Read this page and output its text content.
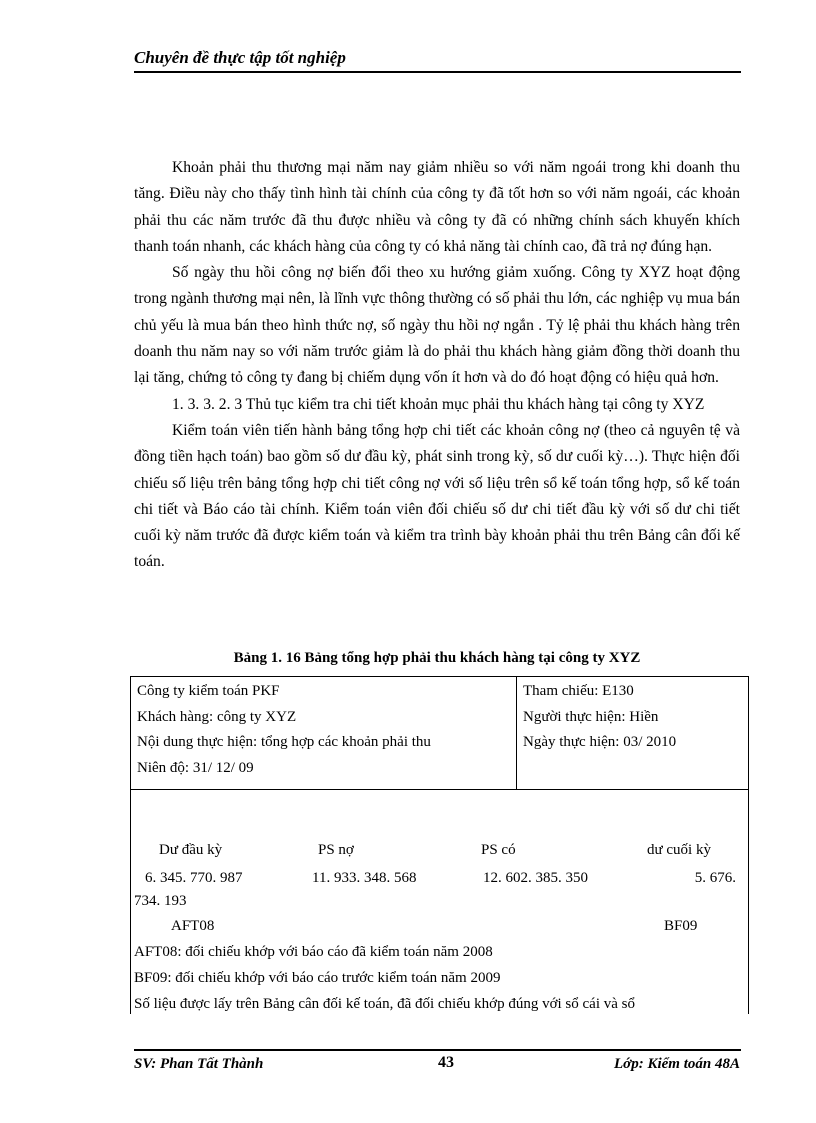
Chuyên đề thực tập tốt nghiệp

Khoản phải thu thương mại năm nay giảm nhiều so với năm ngoái trong khi doanh thu tăng. Điều này cho thấy tình hình tài chính của công ty đã tốt hơn so với năm ngoái, các khoản phải thu các năm trước đã thu được nhiều và công ty đã có những chính sách khuyến khích thanh toán nhanh, các khách hàng của công ty có khả năng tài chính cao, đã trả nợ đúng hạn.

Số ngày thu hồi công nợ biến đổi theo xu hướng giảm xuống. Công ty XYZ hoạt động trong ngành thương mại nên, là lĩnh vực thông thường có số phải thu lớn, các nghiệp vụ mua bán chủ yếu là mua bán theo hình thức nợ, số ngày thu hồi nợ ngắn . Tỷ lệ phải thu khách hàng trên doanh thu năm nay so với năm trước giảm là do phải thu khách hàng giảm đồng thời doanh thu lại tăng, chứng tỏ công ty đang bị chiếm dụng vốn ít hơn và do đó hoạt động có hiệu quả hơn.

1. 3. 3. 2. 3 Thủ tục kiểm tra chi tiết khoản mục phải thu khách hàng tại công ty XYZ

Kiểm toán viên tiến hành bảng tổng hợp chi tiết các khoản công nợ (theo cả nguyên tệ và đồng tiền hạch toán) bao gồm số dư đầu kỳ, phát sinh trong kỳ, số dư cuối kỳ…). Thực hiện đối chiếu số liệu trên bảng tổng hợp chi tiết công nợ với số liệu trên sổ kế toán tổng hợp, sổ kế toán chi tiết và Báo cáo tài chính. Kiểm toán viên đối chiếu số dư chi tiết đầu kỳ với số dư chi tiết cuối kỳ năm trước đã được kiểm toán và kiểm tra trình bày khoản phải thu trên Bảng cân đối kế toán.

Bảng 1. 16 Bảng tổng hợp phải thu khách hàng tại công ty XYZ
Công ty kiểm toán PKF
Khách hàng: công ty XYZ
Nội dung thực hiện: tổng hợp các khoản phải thu
Niên độ: 31/ 12/ 09
Tham chiếu: E130
Người thực hiện: Hiền
Ngày thực hiện: 03/ 2010
Dư đầu kỳ	PS nợ	PS có	dư cuối kỳ
6. 345. 770. 987	11. 933. 348. 568	12. 602. 385. 350	5. 676.
734. 193
AFT08	BF09
AFT08: đối chiếu khớp với báo cáo đã kiểm toán năm 2008
BF09: đối chiếu khớp với báo cáo trước kiểm toán năm 2009
Số liệu được lấy trên Bảng cân đối kế toán, đã đối chiếu khớp đúng với sổ cái và sổ
SV: Phan Tất Thành	43	Lớp: Kiểm toán 48A
